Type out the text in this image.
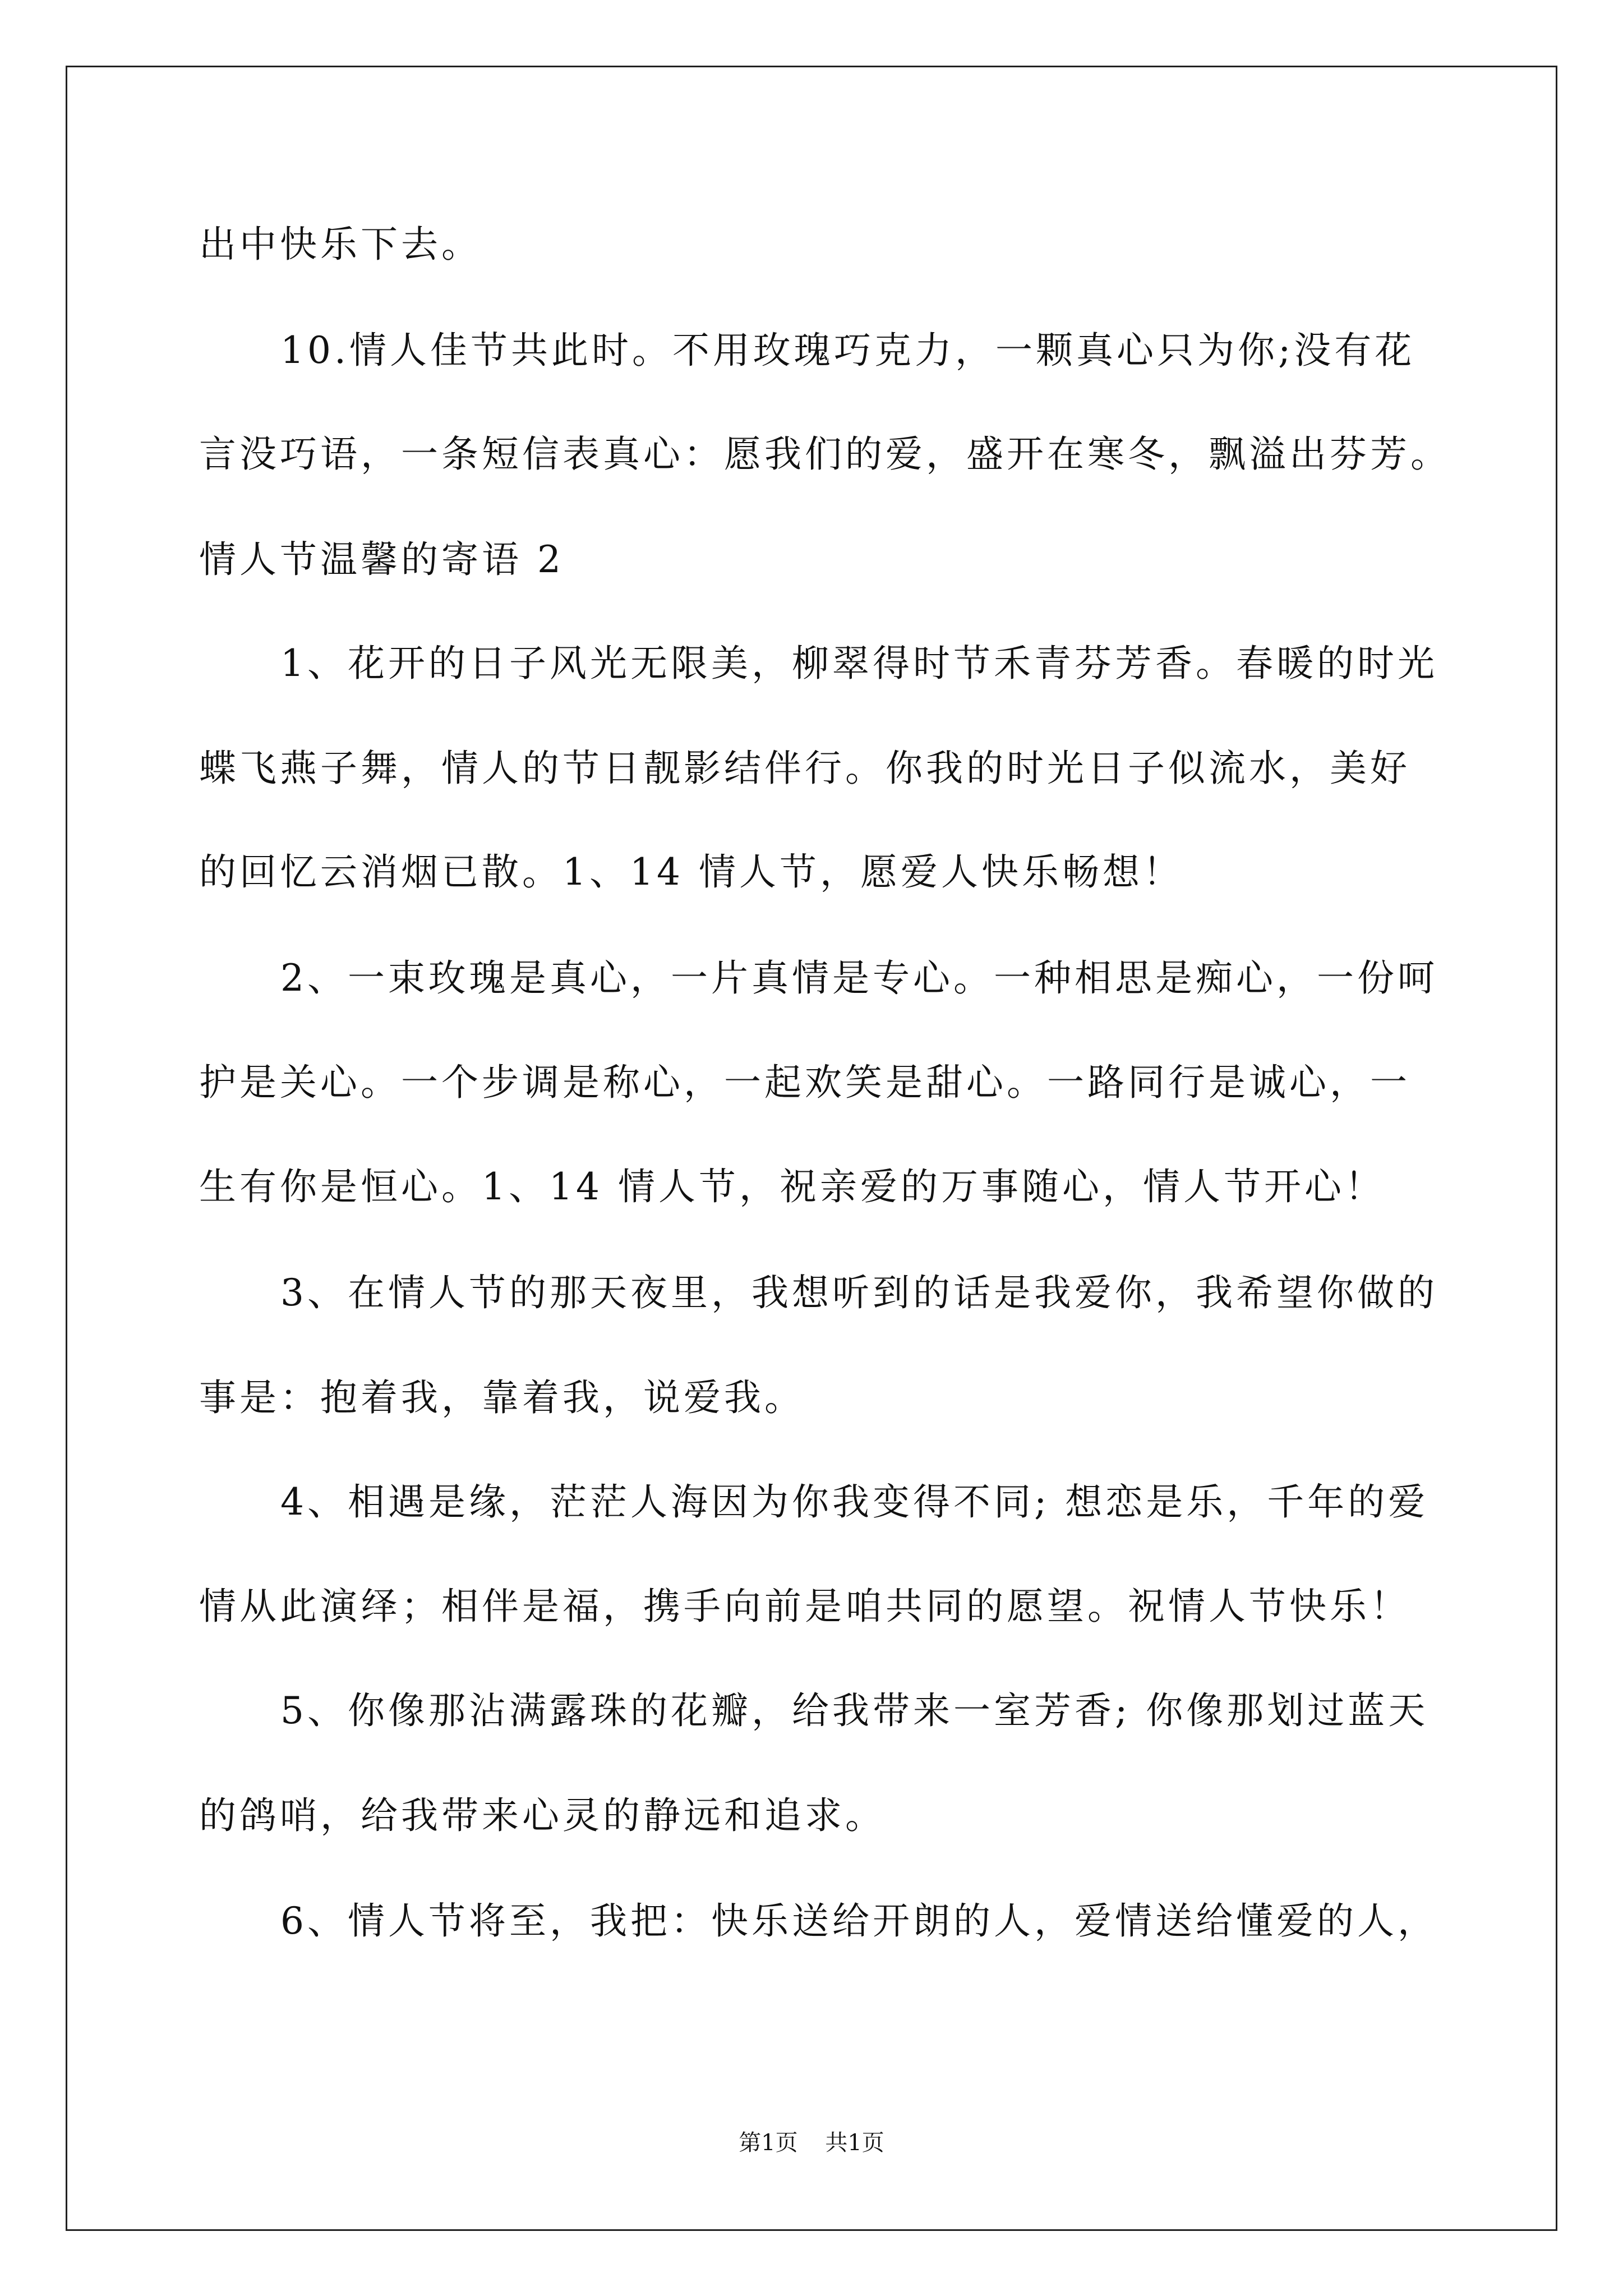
出中快乐下去。
10.情人佳节共此时。不用玫瑰巧克力，一颗真心只为你;没有花
言没巧语，一条短信表真心：愿我们的爱，盛开在寒冬，飘溢出芬芳。
情人节温馨的寄语 2
1、花开的日子风光无限美，柳翠得时节禾青芬芳香。春暖的时光
蝶飞燕子舞，情人的节日靓影结伴行。你我的时光日子似流水，美好
的回忆云消烟已散。1、14 情人节，愿爱人快乐畅想！
2、一束玫瑰是真心，一片真情是专心。一种相思是痴心，一份呵
护是关心。一个步调是称心，一起欢笑是甜心。一路同行是诚心，一
生有你是恒心。1、14 情人节，祝亲爱的万事随心，情人节开心！
3、在情人节的那天夜里，我想听到的话是我爱你，我希望你做的
事是：抱着我，靠着我，说爱我。
4、相遇是缘，茫茫人海因为你我变得不同; 想恋是乐，千年的爱
情从此演绎；相伴是福，携手向前是咱共同的愿望。祝情人节快乐！
5、你像那沾满露珠的花瓣，给我带来一室芳香; 你像那划过蓝天
的鸽哨，给我带来心灵的静远和追求。
6、情人节将至，我把：快乐送给开朗的人，爱情送给懂爱的人，
第1页 共1页
